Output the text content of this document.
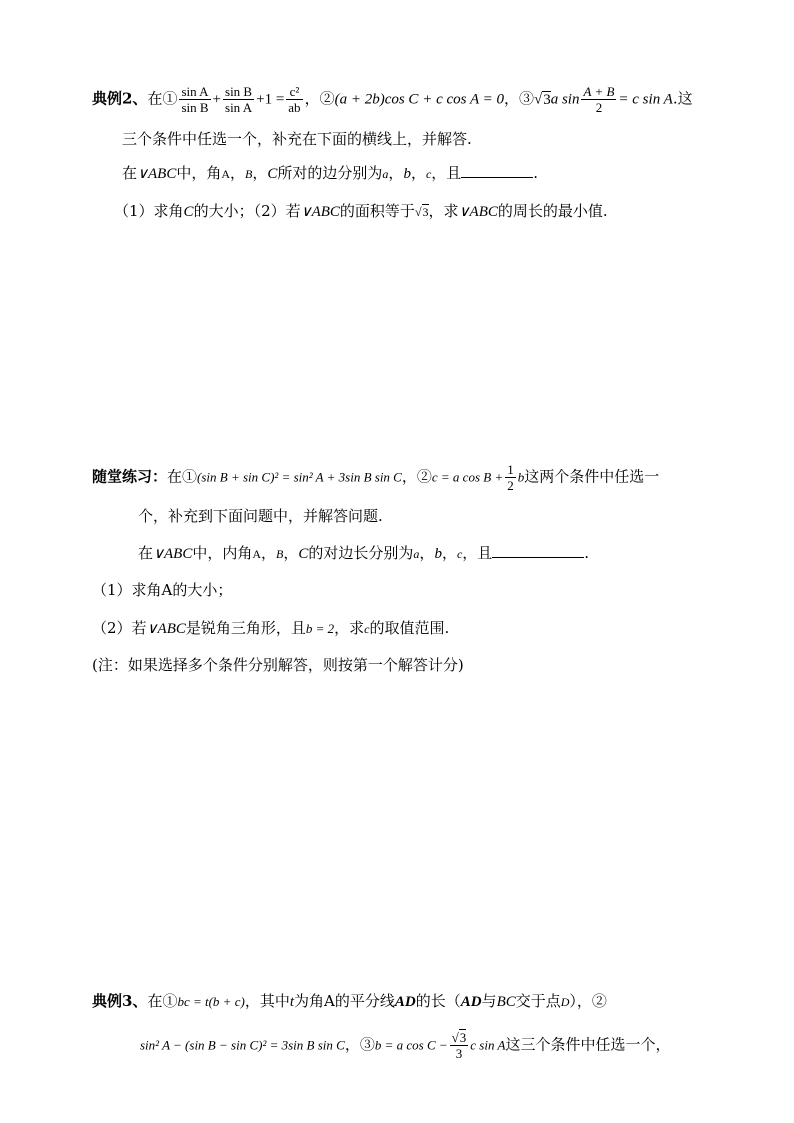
典例2、在① $\frac{\text{sin A}}{\text{sin B}} + \frac{\text{sin B}}{\text{sin A}} +1 = \frac{\text{c²}}{ab}$ ，②(a + 2b)cos C + c cos A = 0，③√3a $\sin \frac{A + B}{2} = c$ sin A.这
三个条件中任选一个，补充在下面的横线上，并解答.
在∨ABC中，角A，B，C所对的边分别为a，b，c，且	.
（1）求角C的大小；（2）若∨ABC的面积等于√3，求∨ABC的周长的最小值.
随堂练习：在①(sin B + sin C)² = sin² A + 3sin B sin C，②c = a $\cos B + \frac{1}{2}$ b这两个条件中任选一
个，补充到下面问题中，并解答问题.
在∨ABC中，内角A，B，C的对边长分别为a，b，c，且	.
（1）求角A的大小；
（2）若∨ABC是锐角三角形，且b = 2，求c的取值范围.
(注：如果选择多个条件分别解答，则按第一个解答计分)
典例3、在①bc = t(b + c)，其中t为角A的平分线AD的长（AD与BC交于点D），②
sin² A − (sin B − sin C)² = 3sin B sin C，③b = a $\cos C - \frac{√3}{3}$ c sin A这三个条件中任选一个，
